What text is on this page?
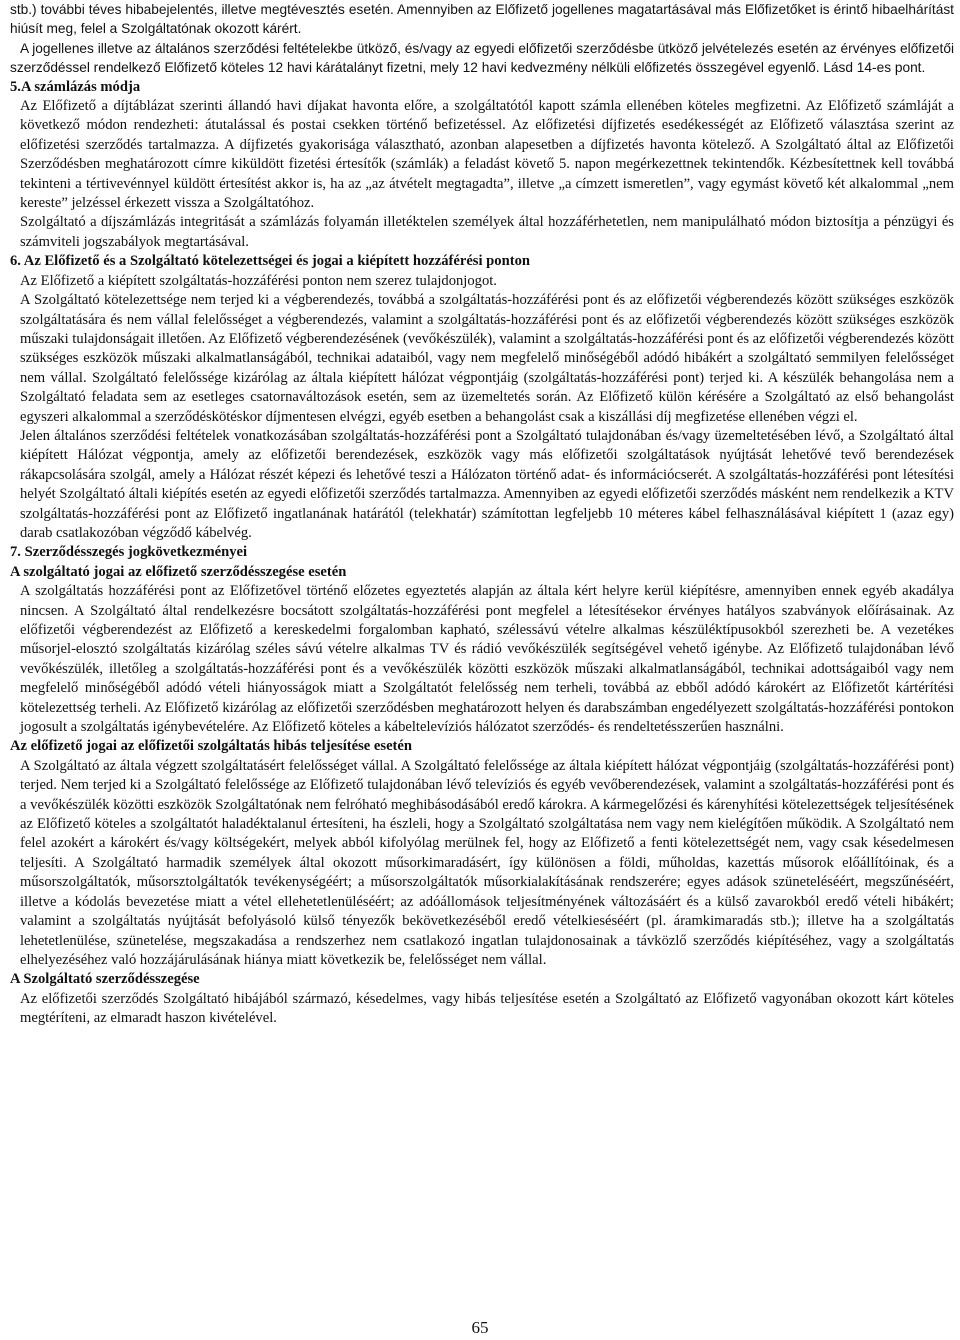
stb.) további téves hibabejelentés, illetve megtévesztés esetén. Amennyiben az Előfizető jogellenes magatartásával más Előfizetőket is érintő hibaelhárítást hiúsít meg, felel a Szolgáltatónak okozott kárért.

A jogellenes illetve az általános szerződési feltételekbe ütköző, és/vagy az egyedi előfizetői szerződésbe ütköző jelvételezés esetén az érvényes előfizetői szerződéssel rendelkező Előfizető köteles 12 havi kárátalányt fizetni, mely 12 havi kedvezmény nélküli előfizetés összegével egyenlő. Lásd 14-es pont.

5.A számlázás módja

Az Előfizető a díjtáblázat szerinti állandó havi díjakat havonta előre, a szolgáltatótól kapott számla ellenében köteles megfizetni. Az Előfizető számláját a következő módon rendezheti: átutalással és postai csekken történő befizetéssel. Az előfizetési díjfizetés esedékességét az Előfizető választása szerint az előfizetési szerződés tartalmazza. A díjfizetés gyakorisága választható, azonban alapesetben a díjfizetés havonta kötelező. A Szolgáltató által az Előfizetői Szerződésben meghatározott címre kiküldött fizetési értesítők (számlák) a feladást követő 5. napon megérkezettnek tekintendők. Kézbesítettnek kell továbbá tekinteni a tértivevénnyel küldött értesítést akkor is, ha az „az átvételt megtagadta”, illetve „a címzett ismeretlen”, vagy egymást követő két alkalommal „nem kereste” jelzéssel érkezett vissza a Szolgáltatóhoz.

Szolgáltató a díjszámlázás integritását a számlázás folyamán illetéktelen személyek által hozzáférhetetlen, nem manipulálható módon biztosítja a pénzügyi és számviteli jogszabályok megtartásával.

6. Az Előfizető és a Szolgáltató kötelezettségei és jogai a kiépített hozzáférési ponton

Az Előfizető a kiépített szolgáltatás-hozzáférési ponton nem szerez tulajdonjogot.

A Szolgáltató kötelezettsége nem terjed ki a végberendezés, továbbá a szolgáltatás-hozzáférési pont és az előfizetői végberendezés között szükséges eszközök szolgáltatására és nem vállal felelősséget a végberendezés, valamint a szolgáltatás-hozzáférési pont és az előfizetői végberendezés között szükséges eszközök műszaki tulajdonságait illetően. Az Előfizető végberendezésének (vevőkészülék), valamint a szolgáltatás-hozzáférési pont és az előfizetői végberendezés között szükséges eszközök műszaki alkalmatlanságából, technikai adataiból, vagy nem megfelelő minőségéből adódó hibákért a szolgáltató semmilyen felelősséget nem vállal. Szolgáltató felelőssége kizárólag az általa kiépített hálózat végpontjáig (szolgáltatás-hozzáférési pont) terjed ki. A készülék behangolása nem a Szolgáltató feladata sem az esetleges csatornaváltozások esetén, sem az üzemeltetés során. Az Előfizető külön kérésére a Szolgáltató az első behangolást egyszeri alkalommal a szerződéskötéskor díjmentesen elvégzi, egyéb esetben a behangolást csak a kiszállási díj megfizetése ellenében végzi el.

Jelen általános szerződési feltételek vonatkozásában szolgáltatás-hozzáférési pont a Szolgáltató tulajdonában és/vagy üzemeltetésében lévő, a Szolgáltató által kiépített Hálózat végpontja, amely az előfizetői berendezések, eszközök vagy más előfizetői szolgáltatások nyújtását lehetővé tevő berendezések rákapcsolására szolgál, amely a Hálózat részét képezi és lehetővé teszi a Hálózaton történő adat- és információcserét. A szolgáltatás-hozzáférési pont létesítési helyét Szolgáltató általi kiépítés esetén az egyedi előfizetői szerződés tartalmazza. Amennyiben az egyedi előfizetői szerződés másként nem rendelkezik a KTV szolgáltatás-hozzáférési pont az Előfizető ingatlanának határától (telekhatár) számítottan legfeljebb 10 méteres kábel felhasználásával kiépített 1 (azaz egy) darab csatlakozóban végződő kábelvég.

7. Szerződésszegés jogkövetkezményei

A szolgáltató jogai az előfizető szerződésszegése esetén

A szolgáltatás hozzáférési pont az Előfizetővel történő előzetes egyeztetés alapján az általa kért helyre kerül kiépítésre, amennyiben ennek egyéb akadálya nincsen. A Szolgáltató által rendelkezésre bocsátott szolgáltatás-hozzáférési pont megfelel a létesítésekor érvényes hatályos szabványok előírásainak. Az előfizetői végberendezést az Előfizető a kereskedelmi forgalomban kapható, szélessávú vételre alkalmas készüléktípusokból szerezheti be. A vezetékes műsorjel-elosztó szolgáltatás kizárólag széles sávú vételre alkalmas TV és rádió vevőkészülék segítségével vehető igénybe. Az Előfizető tulajdonában lévő vevőkészülék, illetőleg a szolgáltatás-hozzáférési pont és a vevőkészülék közötti eszközök műszaki alkalmatlanságából, technikai adottságaiból vagy nem megfelelő minőségéből adódó vételi hiányosságok miatt a Szolgáltatót felelősség nem terheli, továbbá az ebből adódó károkért az Előfizetőt kártérítési kötelezettség terheli. Az Előfizető kizárólag az előfizetői szerződésben meghatározott helyen és darabszámban engedélyezett szolgáltatás-hozzáférési pontokon jogosult a szolgáltatás igénybevételére. Az Előfizető köteles a kábeltelevíziós hálózatot szerződés- és rendeltetésszerűen használni.

Az előfizető jogai az előfizetői szolgáltatás hibás teljesítése esetén

A Szolgáltató az általa végzett szolgáltatásért felelősséget vállal. A Szolgáltató felelőssége az általa kiépített hálózat végpontjáig (szolgáltatás-hozzáférési pont) terjed. Nem terjed ki a Szolgáltató felelőssége az Előfizető tulajdonában lévő televíziós és egyéb vevőberendezések, valamint a szolgáltatás-hozzáférési pont és a vevőkészülék közötti eszközök Szolgáltatónak nem felróható meghibásodásából eredő károkra. A kármegelőzési és kárenyhítési kötelezettségek teljesítésének az Előfizető köteles a szolgáltatót haladéktalanul értesíteni, ha észleli, hogy a Szolgáltató szolgáltatása nem vagy nem kielégítően működik. A Szolgáltató nem felel azokért a károkért és/vagy költségekért, melyek abból kifolyólag merülnek fel, hogy az Előfizető a fenti kötelezettségét nem, vagy csak késedelmesen teljesíti. A Szolgáltató harmadik személyek által okozott műsorkimaradásért, így különösen a földi, műholdas, kazettás műsorok előállítóinak, és a műsorszolgáltatók, műsorsztolgáltatók tevékenységéért; a műsorszolgáltatók műsorkialakításának rendszerére; egyes adások szüneteléséért, megszűnéséért, illetve a kódolás bevezetése miatt a vétel ellehetetlenüléséért; az adóállomások teljesítményének változásáért és a külső zavarokból eredő vételi hibákért; valamint a szolgáltatás nyújtását befolyásoló külső tényezők bekövetkezéséből eredő vételkieséséért (pl. áramkimaradás stb.); illetve ha a szolgáltatás lehetetlenülése, szünetelése, megszakadása a rendszerhez nem csatlakozó ingatlan tulajdonosainak a távközlő szerződés kiépítéséhez, vagy a szolgáltatás elhelyezéséhez való hozzájárulásának hiánya miatt következik be, felelősséget nem vállal.

A Szolgáltató szerződésszegése

Az előfizetői szerződés Szolgáltató hibájából származó, késedelmes, vagy hibás teljesítése esetén a Szolgáltató az Előfizető vagyonában okozott kárt köteles megtéríteni, az elmaradt haszon kivételével.

65
